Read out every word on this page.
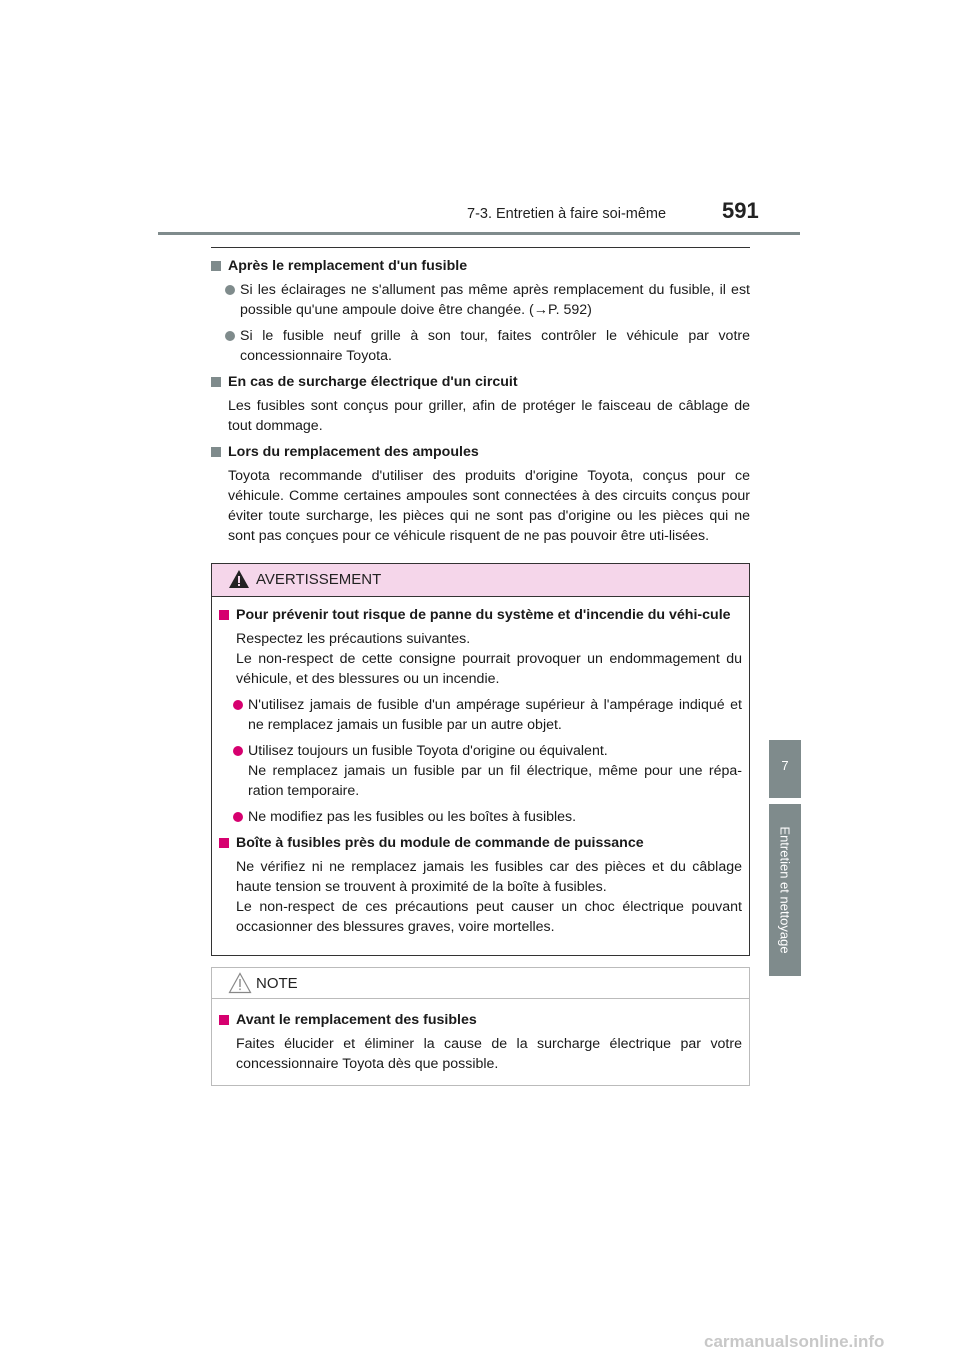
7-3. Entretien à faire soi-même	591
7
Entretien et nettoyage
Après le remplacement d'un fusible
Si les éclairages ne s'allument pas même après remplacement du fusible, il est possible qu'une ampoule doive être changée. (→P. 592)
Si le fusible neuf grille à son tour, faites contrôler le véhicule par votre concessionnaire Toyota.
En cas de surcharge électrique d'un circuit
Les fusibles sont conçus pour griller, afin de protéger le faisceau de câblage de tout dommage.
Lors du remplacement des ampoules
Toyota recommande d'utiliser des produits d'origine Toyota, conçus pour ce véhicule. Comme certaines ampoules sont connectées à des circuits conçus pour éviter toute surcharge, les pièces qui ne sont pas d'origine ou les pièces qui ne sont pas conçues pour ce véhicule risquent de ne pas pouvoir être uti-lisées.
AVERTISSEMENT
Pour prévenir tout risque de panne du système et d'incendie du véhi-cule
Respectez les précautions suivantes.
Le non-respect de cette consigne pourrait provoquer un endommagement du véhicule, et des blessures ou un incendie.
N'utilisez jamais de fusible d'un ampérage supérieur à l'ampérage indiqué et ne remplacez jamais un fusible par un autre objet.
Utilisez toujours un fusible Toyota d'origine ou équivalent.
Ne remplacez jamais un fusible par un fil électrique, même pour une répa-ration temporaire.
Ne modifiez pas les fusibles ou les boîtes à fusibles.
Boîte à fusibles près du module de commande de puissance
Ne vérifiez ni ne remplacez jamais les fusibles car des pièces et du câblage haute tension se trouvent à proximité de la boîte à fusibles.
Le non-respect de ces précautions peut causer un choc électrique pouvant occasionner des blessures graves, voire mortelles.
NOTE
Avant le remplacement des fusibles
Faites élucider et éliminer la cause de la surcharge électrique par votre concessionnaire Toyota dès que possible.
carmanualsonline.info
